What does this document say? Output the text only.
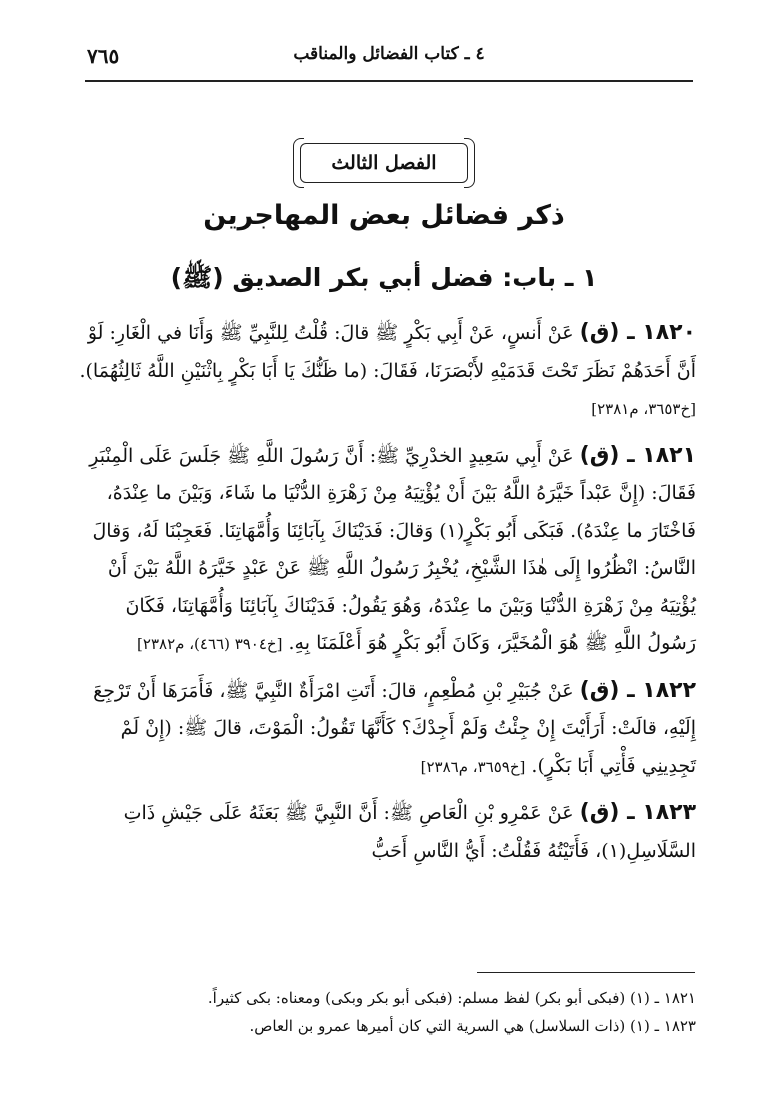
٧٦٥	٤ ـ كتاب الفضائل والمناقب
الفصل الثالث
ذكر فضائل بعض المهاجرين
١ ـ باب: فضل أبي بكر الصديق (ﷺ)

١٨٢٠ ـ (ق) عَنْ أَنسٍ، عَنْ أَبِي بَكْرٍ ﷺ قالَ: قُلْتُ لِلنَّبِيِّ ﷺ وَأَنَا في الْغَارِ: لَوْ أَنَّ أَحَدَهُمْ نَظَرَ تَحْتَ قَدَمَيْهِ لأَبْصَرَنَا، فَقَالَ: (ما ظَنُّكَ يَا أَبَا بَكْرٍ بِاثْنَيْنِ اللَّهُ ثَالِثُهُمَا). [خ٣٦٥٣، م٢٣٨١]

١٨٢١ ـ (ق) عَنْ أَبِي سَعِيدٍ الخدْرِيِّ ﷺ: أَنَّ رَسُولَ اللَّهِ ﷺ جَلَسَ عَلَى الْمِنْبَرِ فَقَالَ: (إِنَّ عَبْداً خَيَّرَهُ اللَّهُ بَيْنَ أَنْ يُؤْتِيَهُ مِنْ زَهْرَةِ الدُّنْيَا ما شَاءَ، وَبَيْنَ ما عِنْدَهُ، فَاخْتَارَ ما عِنْدَهُ). فَبَكَى أَبُو بَكْرٍ(١) وَقالَ: فَدَيْنَاكَ بِآبَائِنَا وَأُمَّهَاتِنَا. فَعَجِبْنَا لَهُ، وَقالَ النَّاسُ: انْظُرُوا إِلَى هٰذَا الشَّيْخِ، يُخْبِرُ رَسُولُ اللَّهِ ﷺ عَنْ عَبْدٍ خَيَّرَهُ اللَّهُ بَيْنَ أَنْ يُؤْتِيَهُ مِنْ زَهْرَةِ الدُّنْيَا وَبَيْنَ ما عِنْدَهُ، وَهُوَ يَقُولُ: فَدَيْنَاكَ بِآبَائِنَا وَأُمَّهَاتِنَا، فَكَانَ رَسُولُ اللَّهِ ﷺ هُوَ الْمُخَيَّرَ، وَكَانَ أَبُو بَكْرٍ هُوَ أَعْلَمَنَا بِهِ. [خ٣٩٠٤ (٤٦٦)، م٢٣٨٢]

١٨٢٢ ـ (ق) عَنْ جُبَيْرِ بْنِ مُطْعِمٍ، قالَ: أَتَتِ امْرَأَةٌ النَّبِيَّ ﷺ، فَأَمَرَهَا أَنْ تَرْجِعَ إِلَيْهِ، قالَتْ: أَرَأَيْتَ إِنْ جِئْتُ وَلَمْ أَجِدْكَ؟ كَأَنَّهَا تَقُولُ: الْمَوْتَ، قالَ ﷺ: (إِنْ لَمْ تَجِدِينِي فَأْتِي أَبَا بَكْرٍ). [خ٣٦٥٩، م٢٣٨٦]

١٨٢٣ ـ (ق) عَنْ عَمْرِو بْنِ الْعَاصِ ﷺ: أَنَّ النَّبِيَّ ﷺ بَعَثَهُ عَلَى جَيْشِ ذَاتِ السَّلَاسِلِ(١)، فَأَتَيْتُهُ فَقُلْتُ: أَيُّ النَّاسِ أَحَبُّ

١٨٢١ ـ (١) (فبكى أبو بكر) لفظ مسلم: (فبكى أبو بكر وبكى) ومعناه: بكى كثيراً.
١٨٢٣ ـ (١) (ذات السلاسل) هي السرية التي كان أميرها عمرو بن العاص.
